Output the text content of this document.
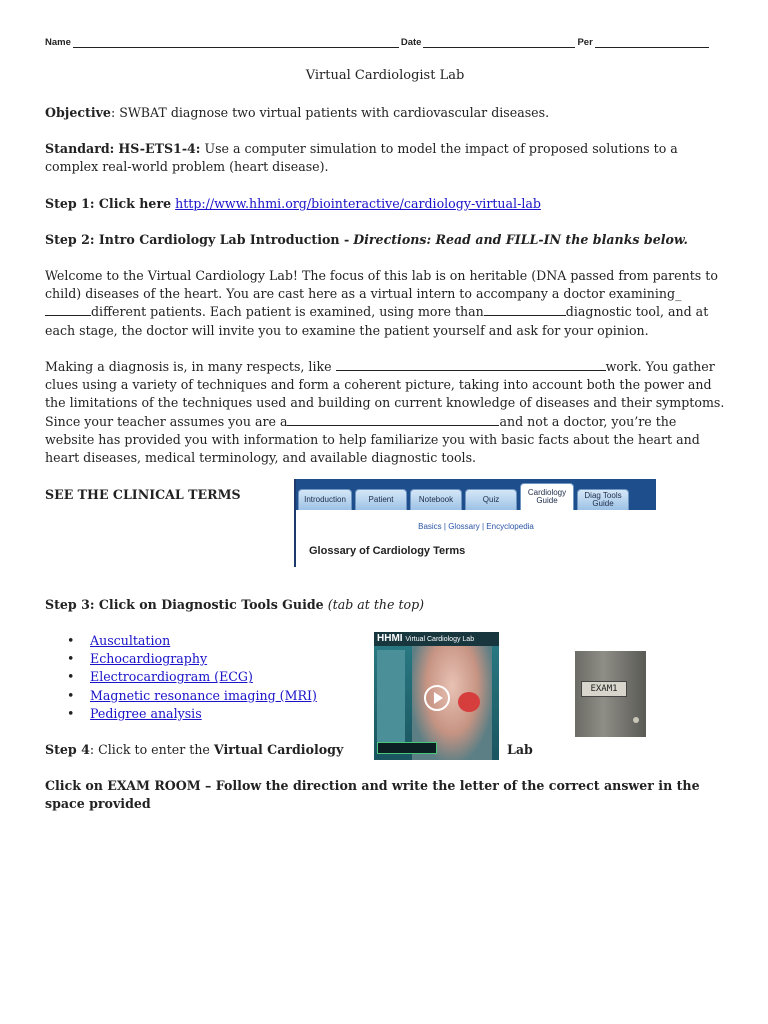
Name	Date	Per
Virtual Cardiologist Lab

Objective: SWBAT diagnose two virtual patients with cardiovascular diseases.

Standard: HS-ETS1-4: Use a computer simulation to model the impact of proposed solutions to a complex real-world problem (heart disease).

Step 1: Click here http://www.hhmi.org/biointeractive/cardiology-virtual-lab

Step 2: Intro Cardiology Lab Introduction - Directions: Read and FILL-IN the blanks below.

Welcome to the Virtual Cardiology Lab! The focus of this lab is on heritable (DNA passed from parents to child) diseases of the heart. You are cast here as a virtual intern to accompany a doctor examining_
different patients. Each patient is examined, using more than	diagnostic tool, and at each stage, the doctor will invite you to examine the patient yourself and ask for your opinion.

Making a diagnosis is, in many respects, like	work. You gather clues using a variety of techniques and form a coherent picture, taking into account both the power and the limitations of the techniques used and building on current knowledge of diseases and their symptoms. Since your teacher assumes you are a	and not a doctor, you’re the website has provided you with information to help familiarize you with basic facts about the heart and heart diseases, medical terminology, and available diagnostic tools.

SEE THE CLINICAL TERMS	Introduction	Patient	Notebook	Quiz
Cardiology Guide
Diag Tools Guide
Basics | Glossary | Encyclopedia
Glossary of Cardiology Terms

Step 3: Click on Diagnostic Tools Guide (tab at the top)

• Auscultation
• Echocardiography
• Electrocardiogram (ECG)
• Magnetic resonance imaging (MRI)
• Pedigree analysis
HHMI Virtual Cardiology Lab
EXAM1

Step 4: Click to enter the Virtual Cardiology	Lab

Click on EXAM ROOM – Follow the direction and write the letter of the correct answer in the space provided
